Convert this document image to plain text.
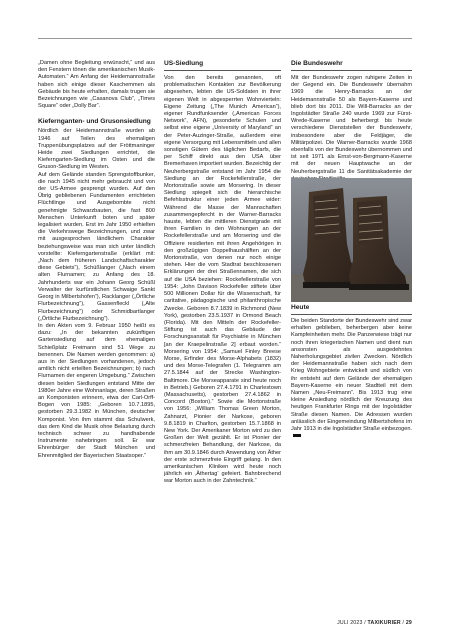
„Damen ohne Begleitung erwünscht,“ und aus den Fenstern tönen die amerikanischen Musik-Automaten.“ Am Anfang der Heidemannstraße haben sich einige dieser Kaschemmen als Gebäude bis heute erhalten, damals trugen sie Bezeichnungen wie „Casanova Club“, „Times Square“ oder „Dolly Bar“.

Kiefernganten- und Grusonsiedlung

Nördlich der Heidemannstraße wurden ab 1946 auf Teilen des ehemaligen Truppenübungsplatzes auf der Fröttmaninger Heide zwei Siedlungen errichtet, die Kieferngarten-Siedlung im Osten und die Gruson-Siedlung im Westen.

Auf dem Gelände standen Sprengstoffbunker, die nach 1945 nicht mehr gebraucht und von der US-Armee gesprengt wurden. Auf den Übrig gebliebenen Fundamenten errichteten Flüchtlinge und Ausgebombte nicht genehmigte Schwarzbauten, die fast 800 Menschen Unterkunft boten und später legalisiert wurden. Erst im Jahr 1950 erhielten die Verkehrswege Bezeichnungen, und zwar mit ausgesprochen ländlichem Charakter beziehungsweise was man sich unter ländlich vorstellte: Kieferngartenstraße (erklärt mit: „Nach dem früheren Landschaftscharakter diese Gebiets“), Schüßlanger („Nach einem alten Flurnamen; zu Anfang des 18. Jahrhunderts war ein Johann Georg Schüßl Verwalter der kurfürstlichen Schwaige Sankt Georg in Milbertshofen“), Racklanger („Örtliche Flurbezeichnung“), Gassenfleckl („Alte Flurbezeichnung“) oder Schmidbartlanger („Örtliche Flurbezeichnung“).

In den Akten vom 9. Februar 1950 heißt es dazu: „In der bekannten zukünftigen Gartensiedlung auf dem ehemaligen Schießplatz Freimann sind 51 Wege zu benennen. Die Namen werden genommen: a) aus in der Siedlungen vorhandenen, jedoch amtlich nicht erteilten Bezeichnungen; b) nach Flurnamen der engeren Umgebung.“ Zwischen diesen beiden Siedlungen entstand Mitte der 1980er Jahre eine Wohnanlage, deren Straßen an Komponisten erinnern, etwa der Carl-Orff-Bogen von 1985: „Geboren 10.7.1895, gestorben 29.3.1982 in München, deutscher Komponist. Von ihm stammt das Schulwerk, das dem Kind die Musik ohne Belastung durch technisch schwer zu handhabende Instrumente nahebringen soll. Er war Ehrenbürger der Stadt München und Ehrenmitglied der Bayerischen Staatsoper.“

US-Siedlung

Von den bereits genannten, oft problematischen Kontakten zur Bevölkerung abgesehen, lebten die US-Soldaten in ihrer eigenen Welt in abgesperrten Wohnvierteln: Eigene Zeitung („The Munich American“), eigener Rundfunksender („American Forces Network“, AFN), gesonderte Schulen und selbst eine eigene „University of Maryland“ an der Peter-Auzinger-Straße, außerdem eine eigene Versorgung mit Lebensmitteln und allen sonstigen Gütern des täglichen Bedarfs, die per Schiff direkt aus den USA über Bremerhaven importiert wurden. Bezeichtig der Neuherbergstraße entstand im Jahr 1954 die Siedlung an der Rockefellerstraße, der Mortonstraße sowie am Morsering. In dieser Siedlung spiegelt sich die hierarchische Befehlsstruktur einer jeden Armee wider: Während die Masse der Mannschaften zusammengepfercht in der Warner-Barracks hauste, lebten die mittleren Dienstgrade mit ihren Familien in den Wohnungen an der Rockefellerstraße und am Morsering und die Offiziere residierten mit ihren Angehörigen in den großzügigen Doppelhaushälften an der Mortonstraße, von denen nur noch einige stehen. Hier die vom Stadtrat beschlossenen Erklärungen der drei Straßennamen, die sich auf die USA beziehen: Rockefellerstraße von 1954: „John Davison Rockefeller stiftete über 500 Millionen Dollar für die Wissenschaft, für caritative, pädagogische und philanthropische Zwecke. Geboren 8.7.1839 in Richmond (New York), gestorben 23.5.1937 in Ormond Beach (Florida). Mit den Mitteln der Rockefeller-Stiftung ist auch das Gebäude der Forschungsanstalt für Psychiatrie in München [an der Kraepelinstraße 2] erbaut worden.“ Morsering von 1954: „Samuel Finley Breese Morse, Erfinder des Morse-Alphabets (1832) und des Morse-Telegrafen (1. Telegramm am 27.5.1844 auf der Strecke Washington-Baltimore. Die Morseapparate sind heute noch in Betrieb.) Geboren 27.4.1791 in Charlestown (Massachusetts), gestorben 27.4.1862 in Concord (Boston).“ Sowie die Mortonstraße von 1956: „William Thomas Green Morton, Zahnarzt, Pionier der Narkose, geboren 9.8.1819 in Charlton, gestorben 15.7.1868 in New York. Der Amerikaner Morton wird zu den Großen der Welt gezählt. Er ist Pionier der schmerzfreien Behandlung, der Narkose, da ihm am 30.9.1846 durch Anwendung von Äther der erste schmerzfreie Eingriff gelang. In den amerikanischen Kliniken wird heute noch jährlich ein ‚Äthertag‘ gefeiert. Bahnbrechend war Morton auch in der Zahntechnik.“

Die Bundeswehr

Mit der Bundeswehr zogen ruhigere Zeiten in der Gegend ein. Die Bundeswehr übernahm 1969 die Henry-Barracks an der Heidemannstraße 50 als Bayern-Kaserne und blieb dort bis 2011. Die Will-Barracks an der Ingolstädter Straße 240 wurde 1969 zur Fürst-Wrede-Kaserne und beherbergt bis heute verschiedene Dienststellen der Bundeswehr, insbesondere aber die Feldjäger, die Militärpolizei. Die Warner-Barracks wurde 1968 ebenfalls von der Bundeswehr übernommen und ist seit 1971 als Ernst-von-Bergmann-Kaserne mit der neuen Hauptwache an der Neuherbergstraße 11 die Sanitätsakademie der

Heute

Die beiden Standorte der Bundeswehr sind zwar erhalten geblieben, beherbergen aber keine Kampfeinheiten mehr. Die Panzerwiese trägt nur noch ihren kriegerischen Namen und dient nun ansonsten als ausgedehntes Naherholungsgebiet zivilen Zwecken. Nördlich der Heidemannstraße haben sich nach dem Krieg Wohngebiete entwickelt und südlich von ihr entsteht auf dem Gelände der ehemaligen Bayern-Kaserne ein neuer Stadtteil mit dem Namen „Neu-Freimann“. Bis 1913 trug eine kleine Ansiedlung nördlich der Kreuzung des heutigen Frankfurter Rings mit der Ingolstädter Straße diesen Namen. Die Adressen wurden anlässlich der Eingemeindung Milbertshofens im Jahr 1913 in die Ingolstädter Straße einbezogen.

JULI 2023 / TAXIKURIER / 29
